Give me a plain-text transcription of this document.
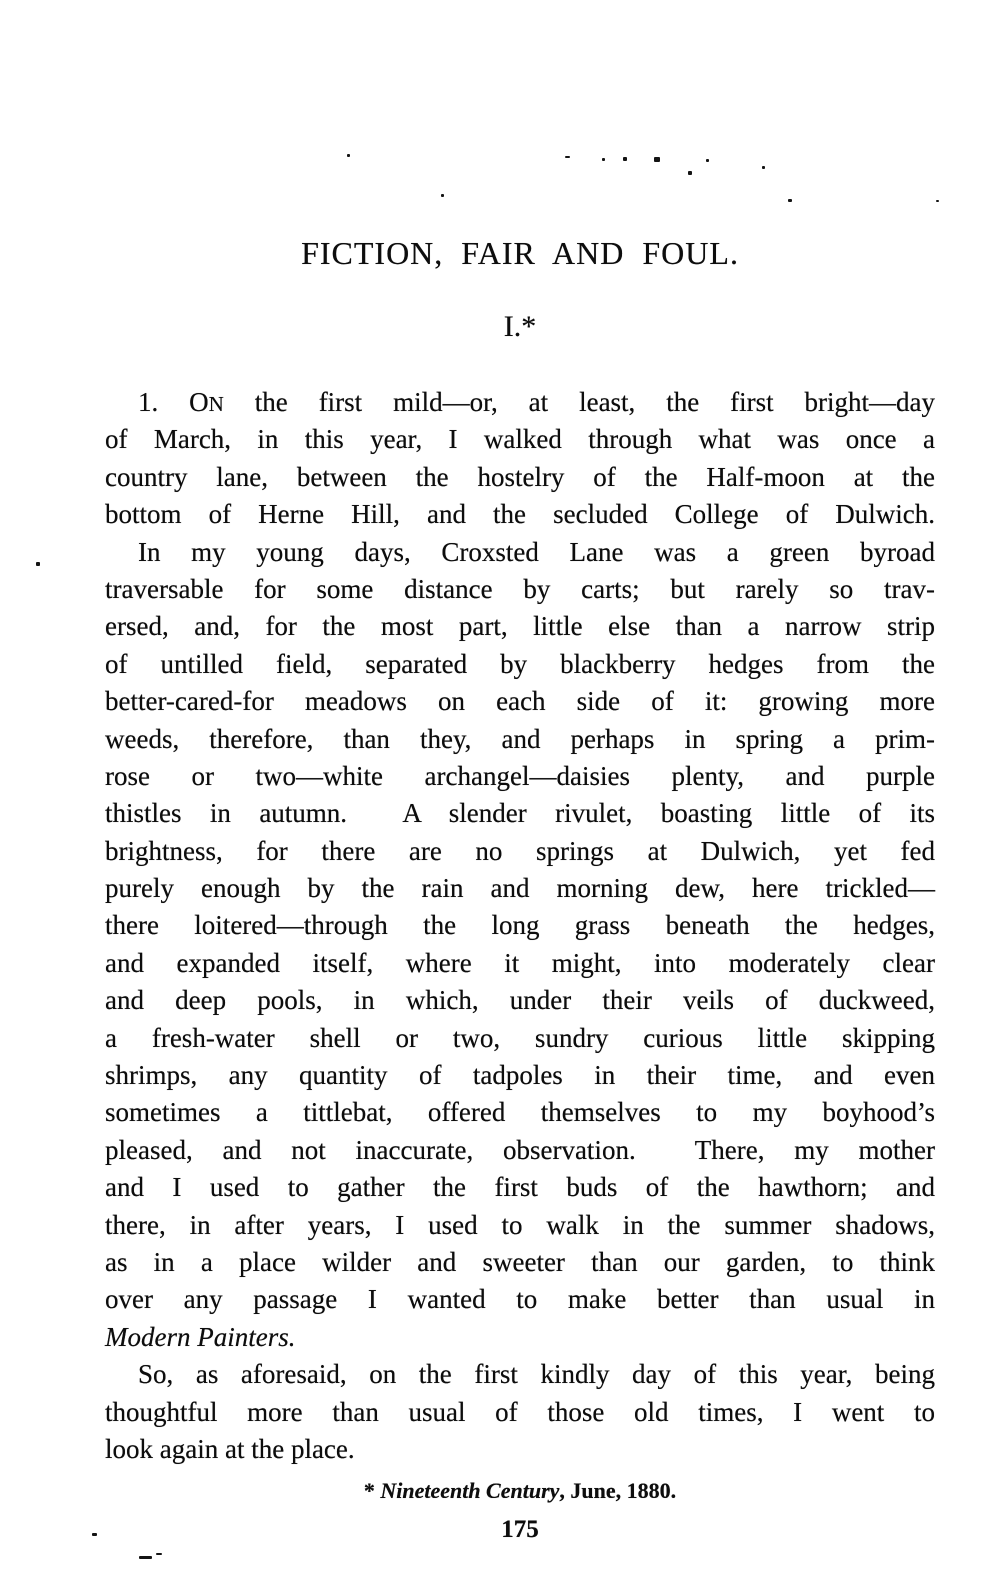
FICTION, FAIR AND FOUL.
I.*
1. ON the first mild—or, at least, the first bright—day
of March, in this year, I walked through what was once a
country lane, between the hostelry of the Half-moon at the
bottom of Herne Hill, and the secluded College of Dulwich.
In my young days, Croxsted Lane was a green byroad
traversable for some distance by carts; but rarely so trav-
ersed, and, for the most part, little else than a narrow strip
of untilled field, separated by blackberry hedges from the
better-cared-for meadows on each side of it: growing more
weeds, therefore, than they, and perhaps in spring a prim-
rose or two—white archangel—daisies plenty, and purple
thistles in autumn.  A slender rivulet, boasting little of its
brightness, for there are no springs at Dulwich, yet fed
purely enough by the rain and morning dew, here trickled—
there loitered—through the long grass beneath the hedges,
and expanded itself, where it might, into moderately clear
and deep pools, in which, under their veils of duckweed,
a fresh-water shell or two, sundry curious little skipping
shrimps, any quantity of tadpoles in their time, and even
sometimes a tittlebat, offered themselves to my boyhood’s
pleased, and not inaccurate, observation.  There, my mother
and I used to gather the first buds of the hawthorn; and
there, in after years, I used to walk in the summer shadows,
as in a place wilder and sweeter than our garden, to think
over any passage I wanted to make better than usual in
Modern Painters.
So, as aforesaid, on the first kindly day of this year, being
thoughtful more than usual of those old times, I went to
look again at the place.
* Nineteenth Century, June, 1880.
175
